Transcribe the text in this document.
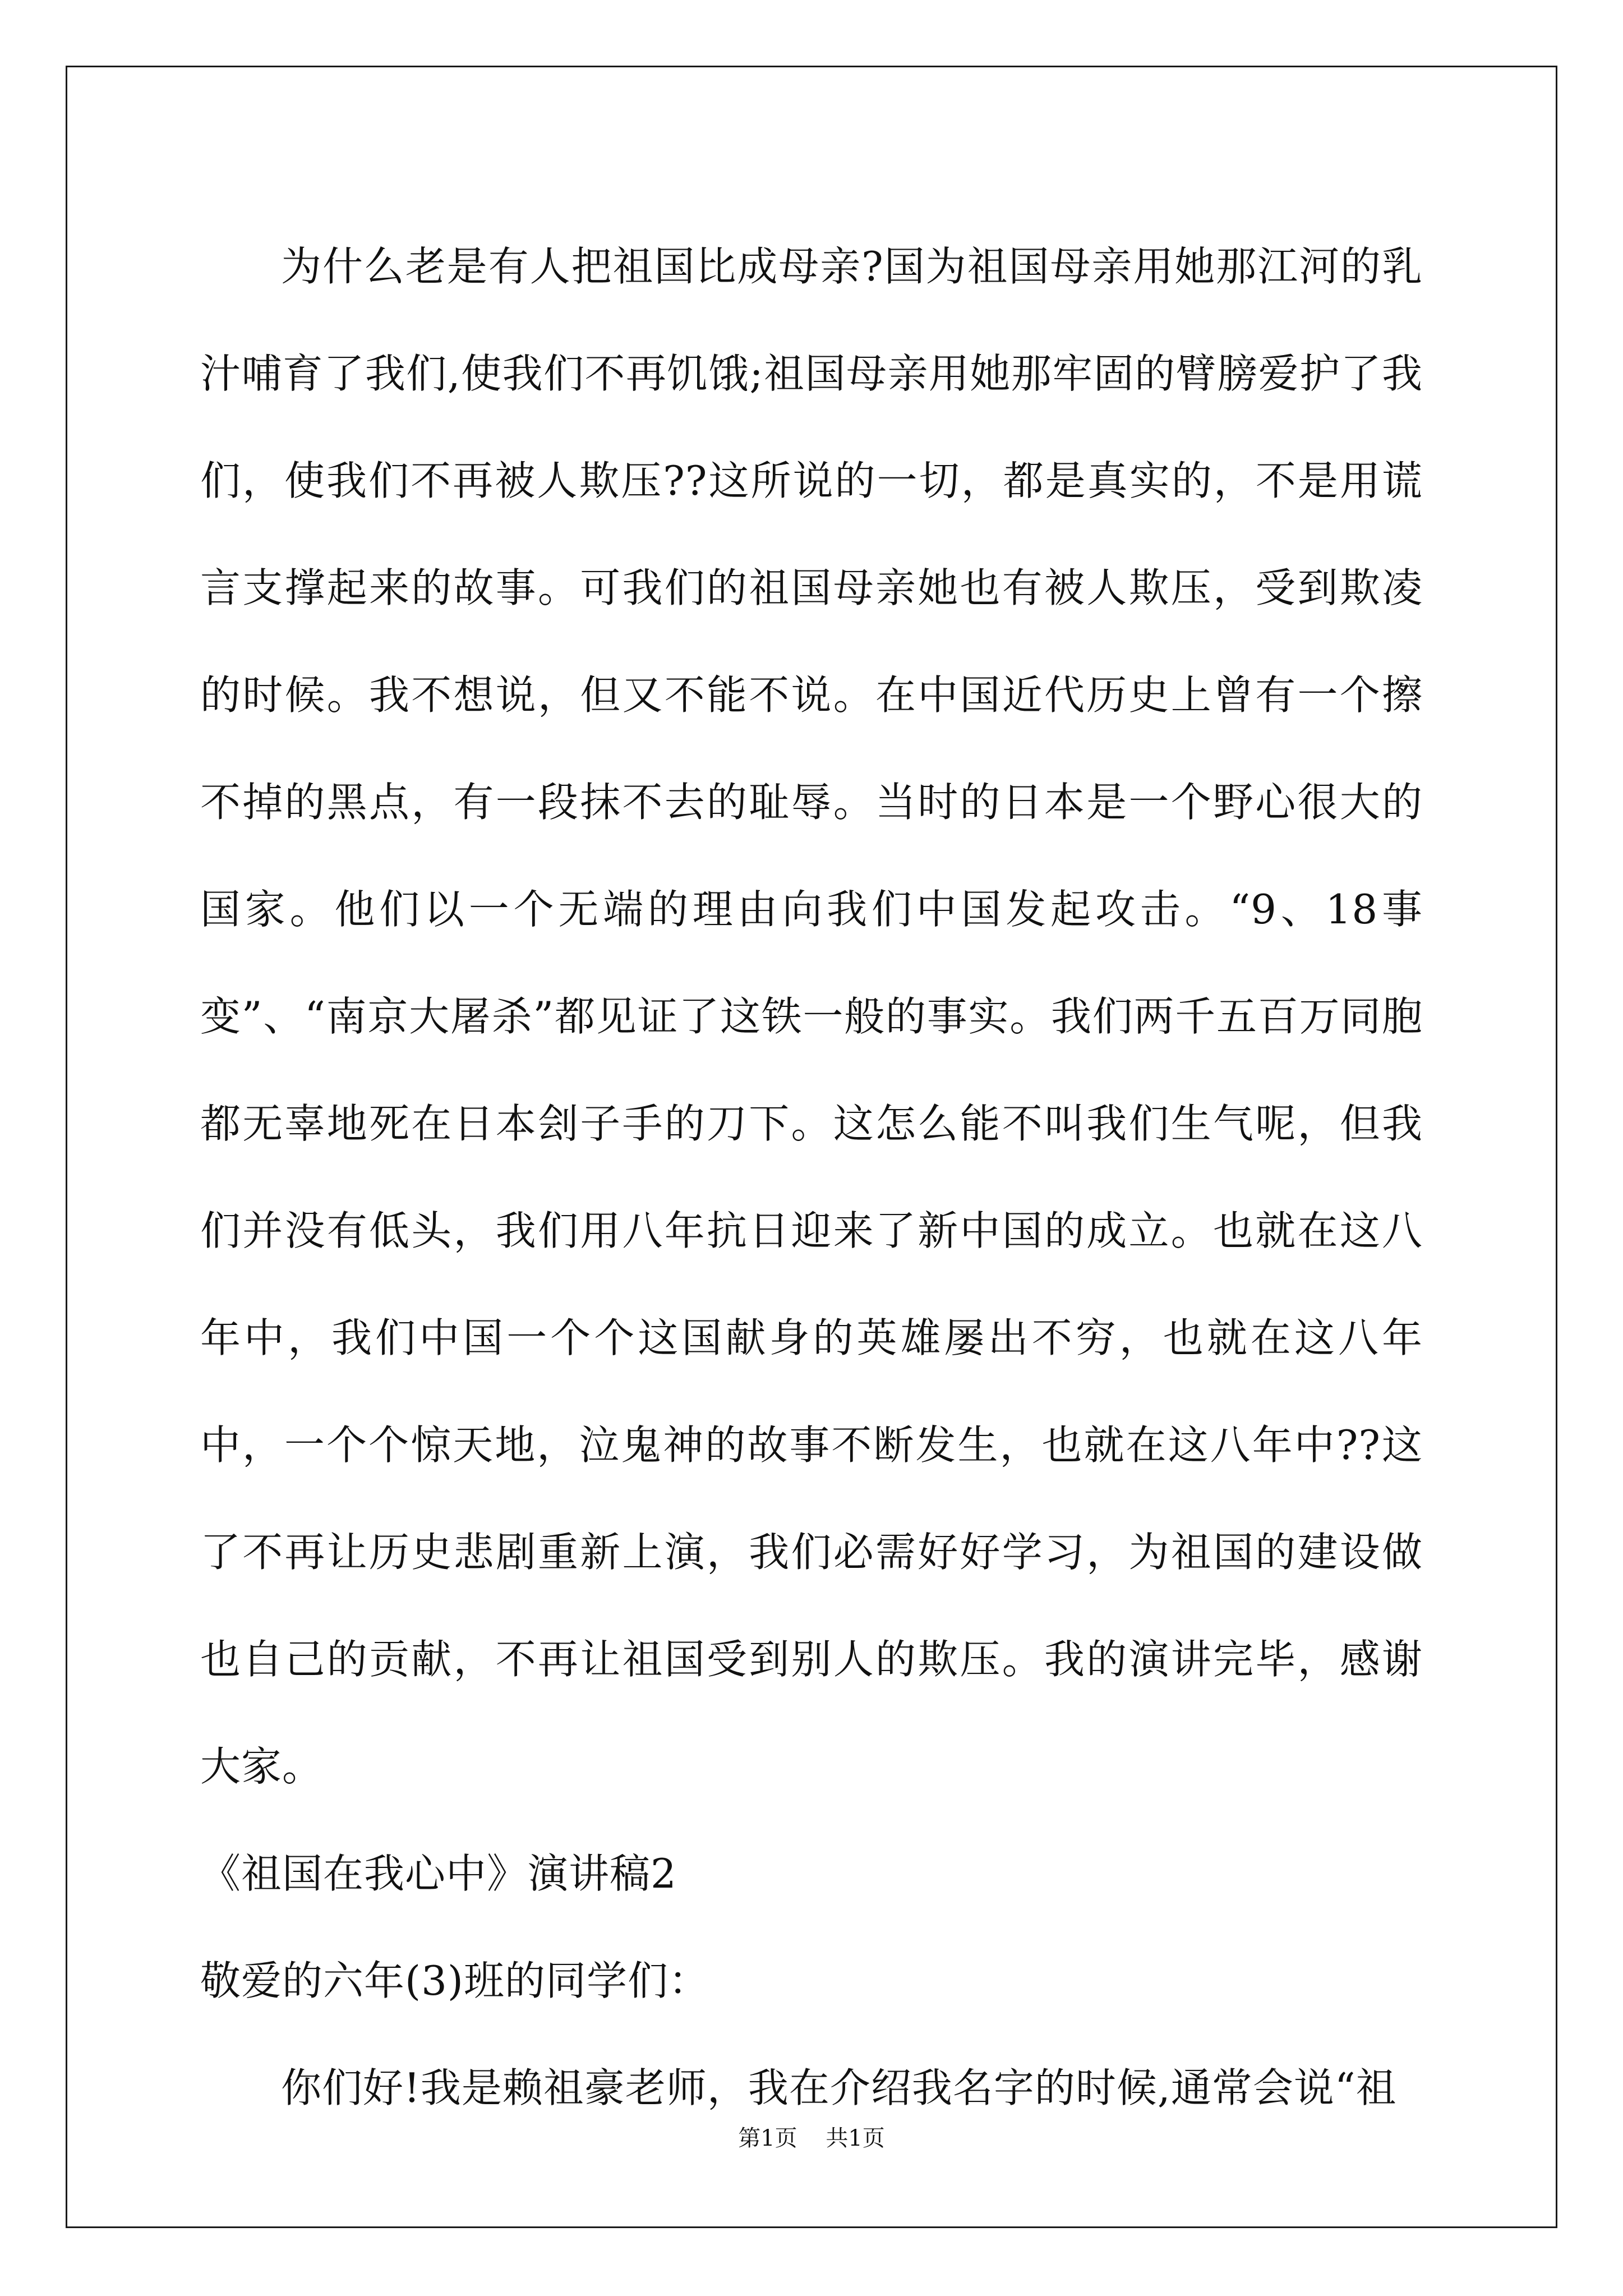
为什么老是有人把祖国比成母亲?国为祖国母亲用她那江河的乳汁哺育了我们,使我们不再饥饿;祖国母亲用她那牢固的臂膀爱护了我们，使我们不再被人欺压??这所说的一切，都是真实的，不是用谎言支撑起来的故事。可我们的祖国母亲她也有被人欺压，受到欺凌的时候。我不想说，但又不能不说。在中国近代历史上曾有一个擦不掉的黑点，有一段抹不去的耻辱。当时的日本是一个野心很大的国家。他们以一个无端的理由向我们中国发起攻击。“9、18事变”、“南京大屠杀”都见证了这铁一般的事实。我们两千五百万同胞都无辜地死在日本刽子手的刀下。这怎么能不叫我们生气呢，但我们并没有低头，我们用八年抗日迎来了新中国的成立。也就在这八年中，我们中国一个个这国献身的英雄屡出不穷，也就在这八年中，一个个惊天地，泣鬼神的故事不断发生，也就在这八年中??这了不再让历史悲剧重新上演，我们必需好好学习，为祖国的建设做也自己的贡献，不再让祖国受到别人的欺压。我的演讲完毕，感谢大家。

《祖国在我心中》演讲稿2

敬爱的六年(3)班的同学们：

你们好!我是赖祖豪老师，我在介绍我名字的时候,通常会说“祖

第1页 共1页
